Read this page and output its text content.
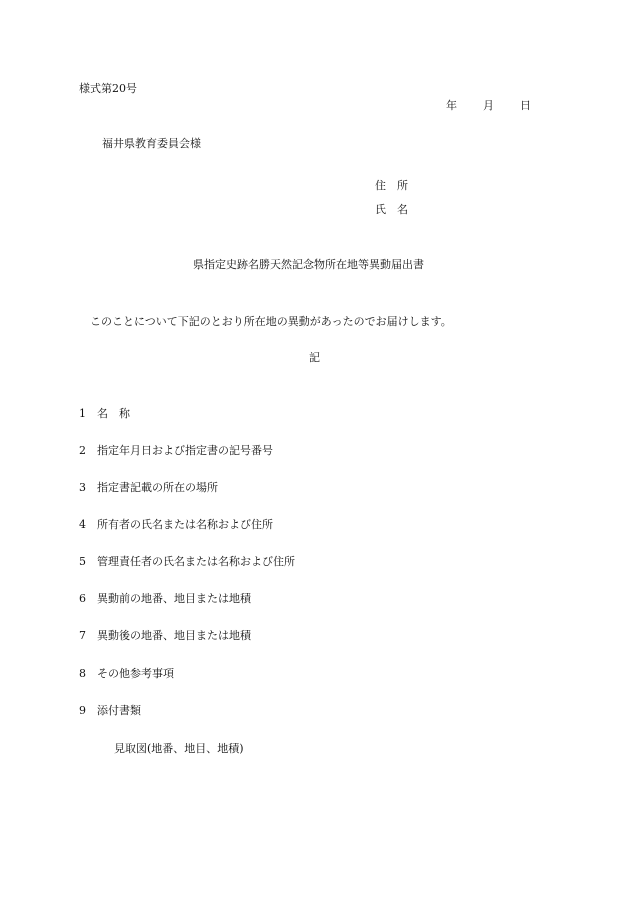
様式第20号
年 月 日
福井県教育委員会様
住 所
氏 名
県指定史跡名勝天然記念物所在地等異動届出書
このことについて下記のとおり所在地の異動があったのでお届けします。
記
1 名 称
2 指定年月日および指定書の記号番号
3 指定書記載の所在の場所
4 所有者の氏名または名称および住所
5 管理責任者の氏名または名称および住所
6 異動前の地番、地目または地積
7 異動後の地番、地目または地積
8 その他参考事項
9 添付書類
見取図(地番、地目、地積)
